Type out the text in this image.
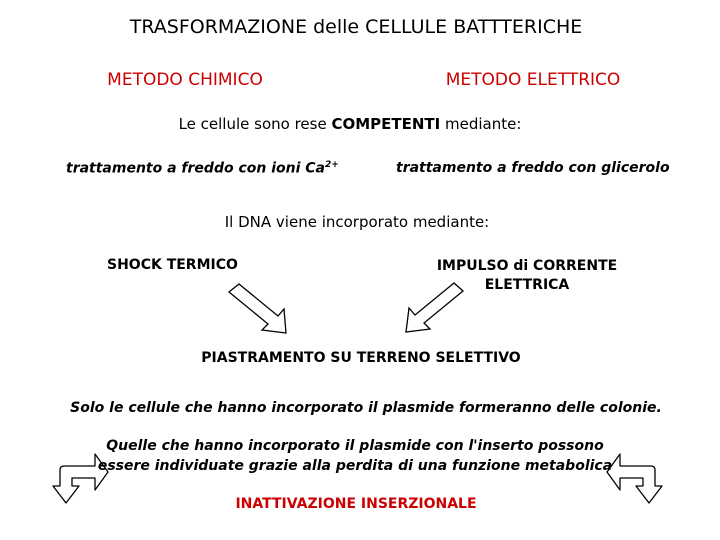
TRASFORMAZIONE delle CELLULE BATTTERICHE
METODO CHIMICO	METODO ELETTRICO
Le cellule sono rese COMPETENTI mediante:
trattamento a freddo con ioni $Ca^{2+}$	trattamento a freddo con glicerolo
Il DNA viene incorporato mediante:
SHOCK TERMICO	IMPULSO di CORRENTE
ELETTRICA
PIASTRAMENTO SU TERRENO SELETTIVO
Solo le cellule che hanno incorporato il plasmide formeranno delle colonie.
Quelle che hanno incorporato il plasmide con l'inserto possono
essere individuate grazie alla perdita di una funzione metabolica
INATTIVAZIONE INSERZIONALE
